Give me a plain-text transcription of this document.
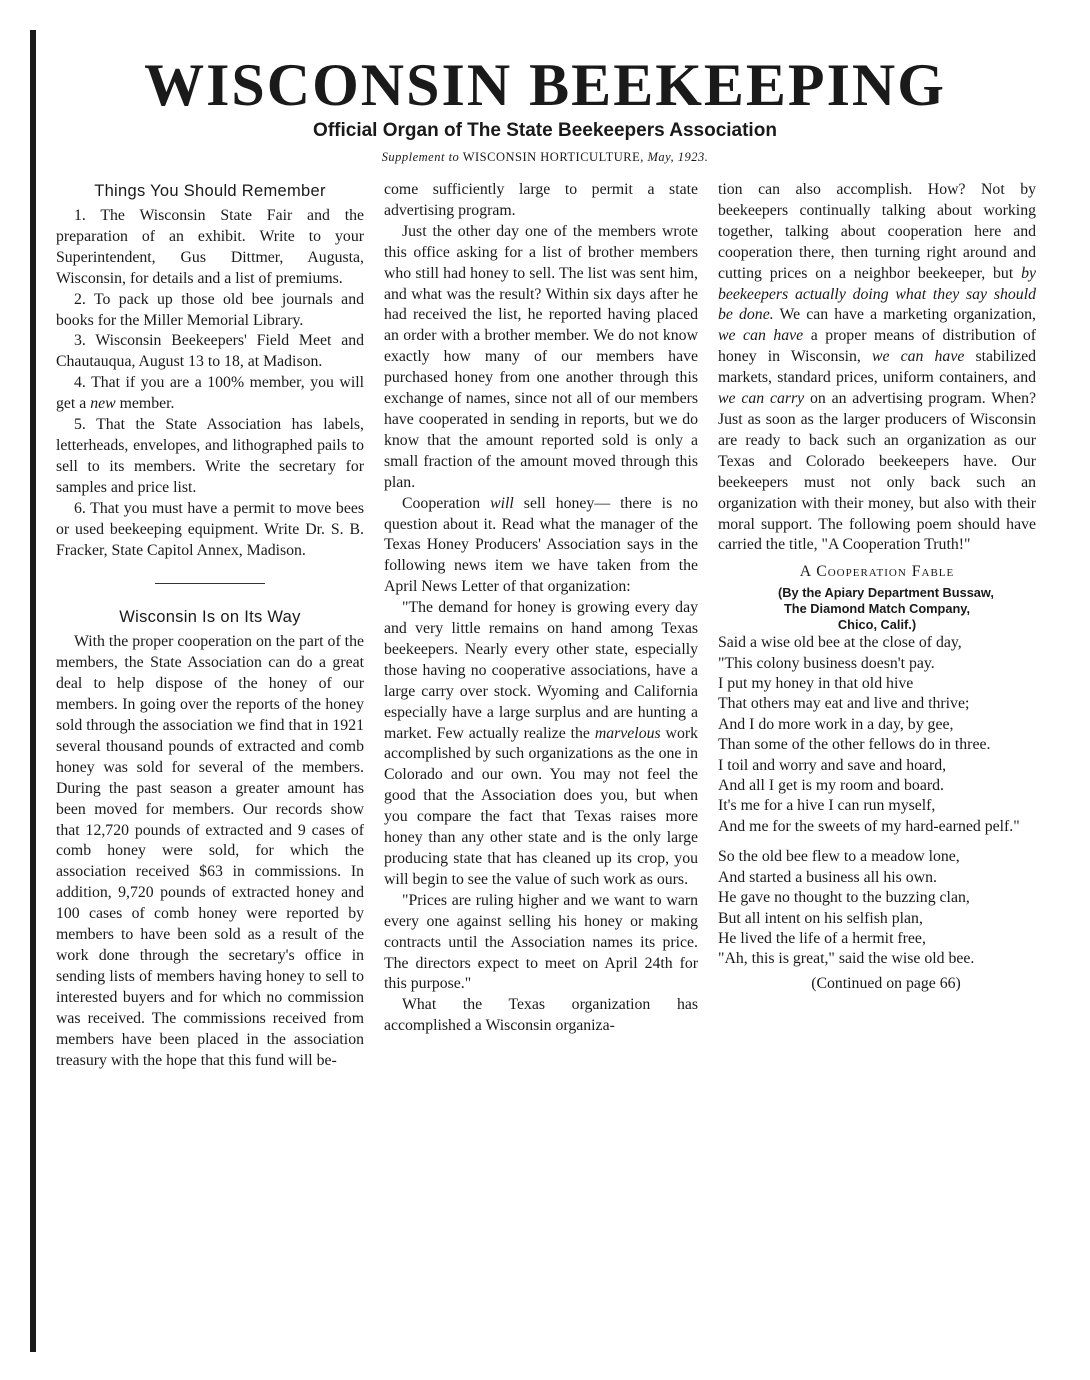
WISCONSIN BEEKEEPING
Official Organ of The State Beekeepers Association
Supplement to WISCONSIN HORTICULTURE, May, 1923.
Things You Should Remember

1. The Wisconsin State Fair and the preparation of an exhibit. Write to your Superintendent, Gus Dittmer, Augusta, Wisconsin, for details and a list of premiums.

2. To pack up those old bee journals and books for the Miller Memorial Library.

3. Wisconsin Beekeepers' Field Meet and Chautauqua, August 13 to 18, at Madison.

4. That if you are a 100% member, you will get a new member.

5. That the State Association has labels, letterheads, envelopes, and lithographed pails to sell to its members. Write the secretary for samples and price list.

6. That you must have a permit to move bees or used beekeeping equipment. Write Dr. S. B. Fracker, State Capitol Annex, Madison.

Wisconsin Is on Its Way

With the proper cooperation on the part of the members, the State Association can do a great deal to help dispose of the honey of our members. In going over the reports of the honey sold through the association we find that in 1921 several thousand pounds of extracted and comb honey was sold for several of the members. During the past season a greater amount has been moved for members. Our records show that 12,720 pounds of extracted and 9 cases of comb honey were sold, for which the association received $63 in commissions. In addition, 9,720 pounds of extracted honey and 100 cases of comb honey were reported by members to have been sold as a result of the work done through the secretary's office in sending lists of members having honey to sell to interested buyers and for which no commission was received. The commissions received from members have been placed in the association treasury with the hope that this fund will be-

come sufficiently large to permit a state advertising program.

Just the other day one of the members wrote this office asking for a list of brother members who still had honey to sell. The list was sent him, and what was the result? Within six days after he had received the list, he reported having placed an order with a brother member. We do not know exactly how many of our members have purchased honey from one another through this exchange of names, since not all of our members have cooperated in sending in reports, but we do know that the amount reported sold is only a small fraction of the amount moved through this plan.

Cooperation will sell honey— there is no question about it. Read what the manager of the Texas Honey Producers' Association says in the following news item we have taken from the April News Letter of that organization:

"The demand for honey is growing every day and very little remains on hand among Texas beekeepers. Nearly every other state, especially those having no cooperative associations, have a large carry over stock. Wyoming and California especially have a large surplus and are hunting a market. Few actually realize the marvelous work accomplished by such organizations as the one in Colorado and our own. You may not feel the good that the Association does you, but when you compare the fact that Texas raises more honey than any other state and is the only large producing state that has cleaned up its crop, you will begin to see the value of such work as ours.

"Prices are ruling higher and we want to warn every one against selling his honey or making contracts until the Association names its price. The directors expect to meet on April 24th for this purpose."

What the Texas organization has accomplished a Wisconsin organiza-

tion can also accomplish. How? Not by beekeepers continually talking about working together, talking about cooperation here and cooperation there, then turning right around and cutting prices on a neighbor beekeeper, but by beekeepers actually doing what they say should be done. We can have a marketing organization, we can have a proper means of distribution of honey in Wisconsin, we can have stabilized markets, standard prices, uniform containers, and we can carry on an advertising program. When? Just as soon as the larger producers of Wisconsin are ready to back such an organization as our Texas and Colorado beekeepers have. Our beekeepers must not only back such an organization with their money, but also with their moral support. The following poem should have carried the title, "A Cooperation Truth!"

A Cooperation Fable

(By the Apiary Department Bussaw,
The Diamond Match Company,
Chico, Calif.)

Said a wise old bee at the close of day,

"This colony business doesn't pay.

I put my honey in that old hive

That others may eat and live and thrive;

And I do more work in a day, by gee,

Than some of the other fellows do in three.

I toil and worry and save and hoard,

And all I get is my room and board.

It's me for a hive I can run myself,

And me for the sweets of my hard-earned pelf."

So the old bee flew to a meadow lone,

And started a business all his own.

He gave no thought to the buzzing clan,

But all intent on his selfish plan,

He lived the life of a hermit free,

"Ah, this is great," said the wise old bee.

(Continued on page 66)
